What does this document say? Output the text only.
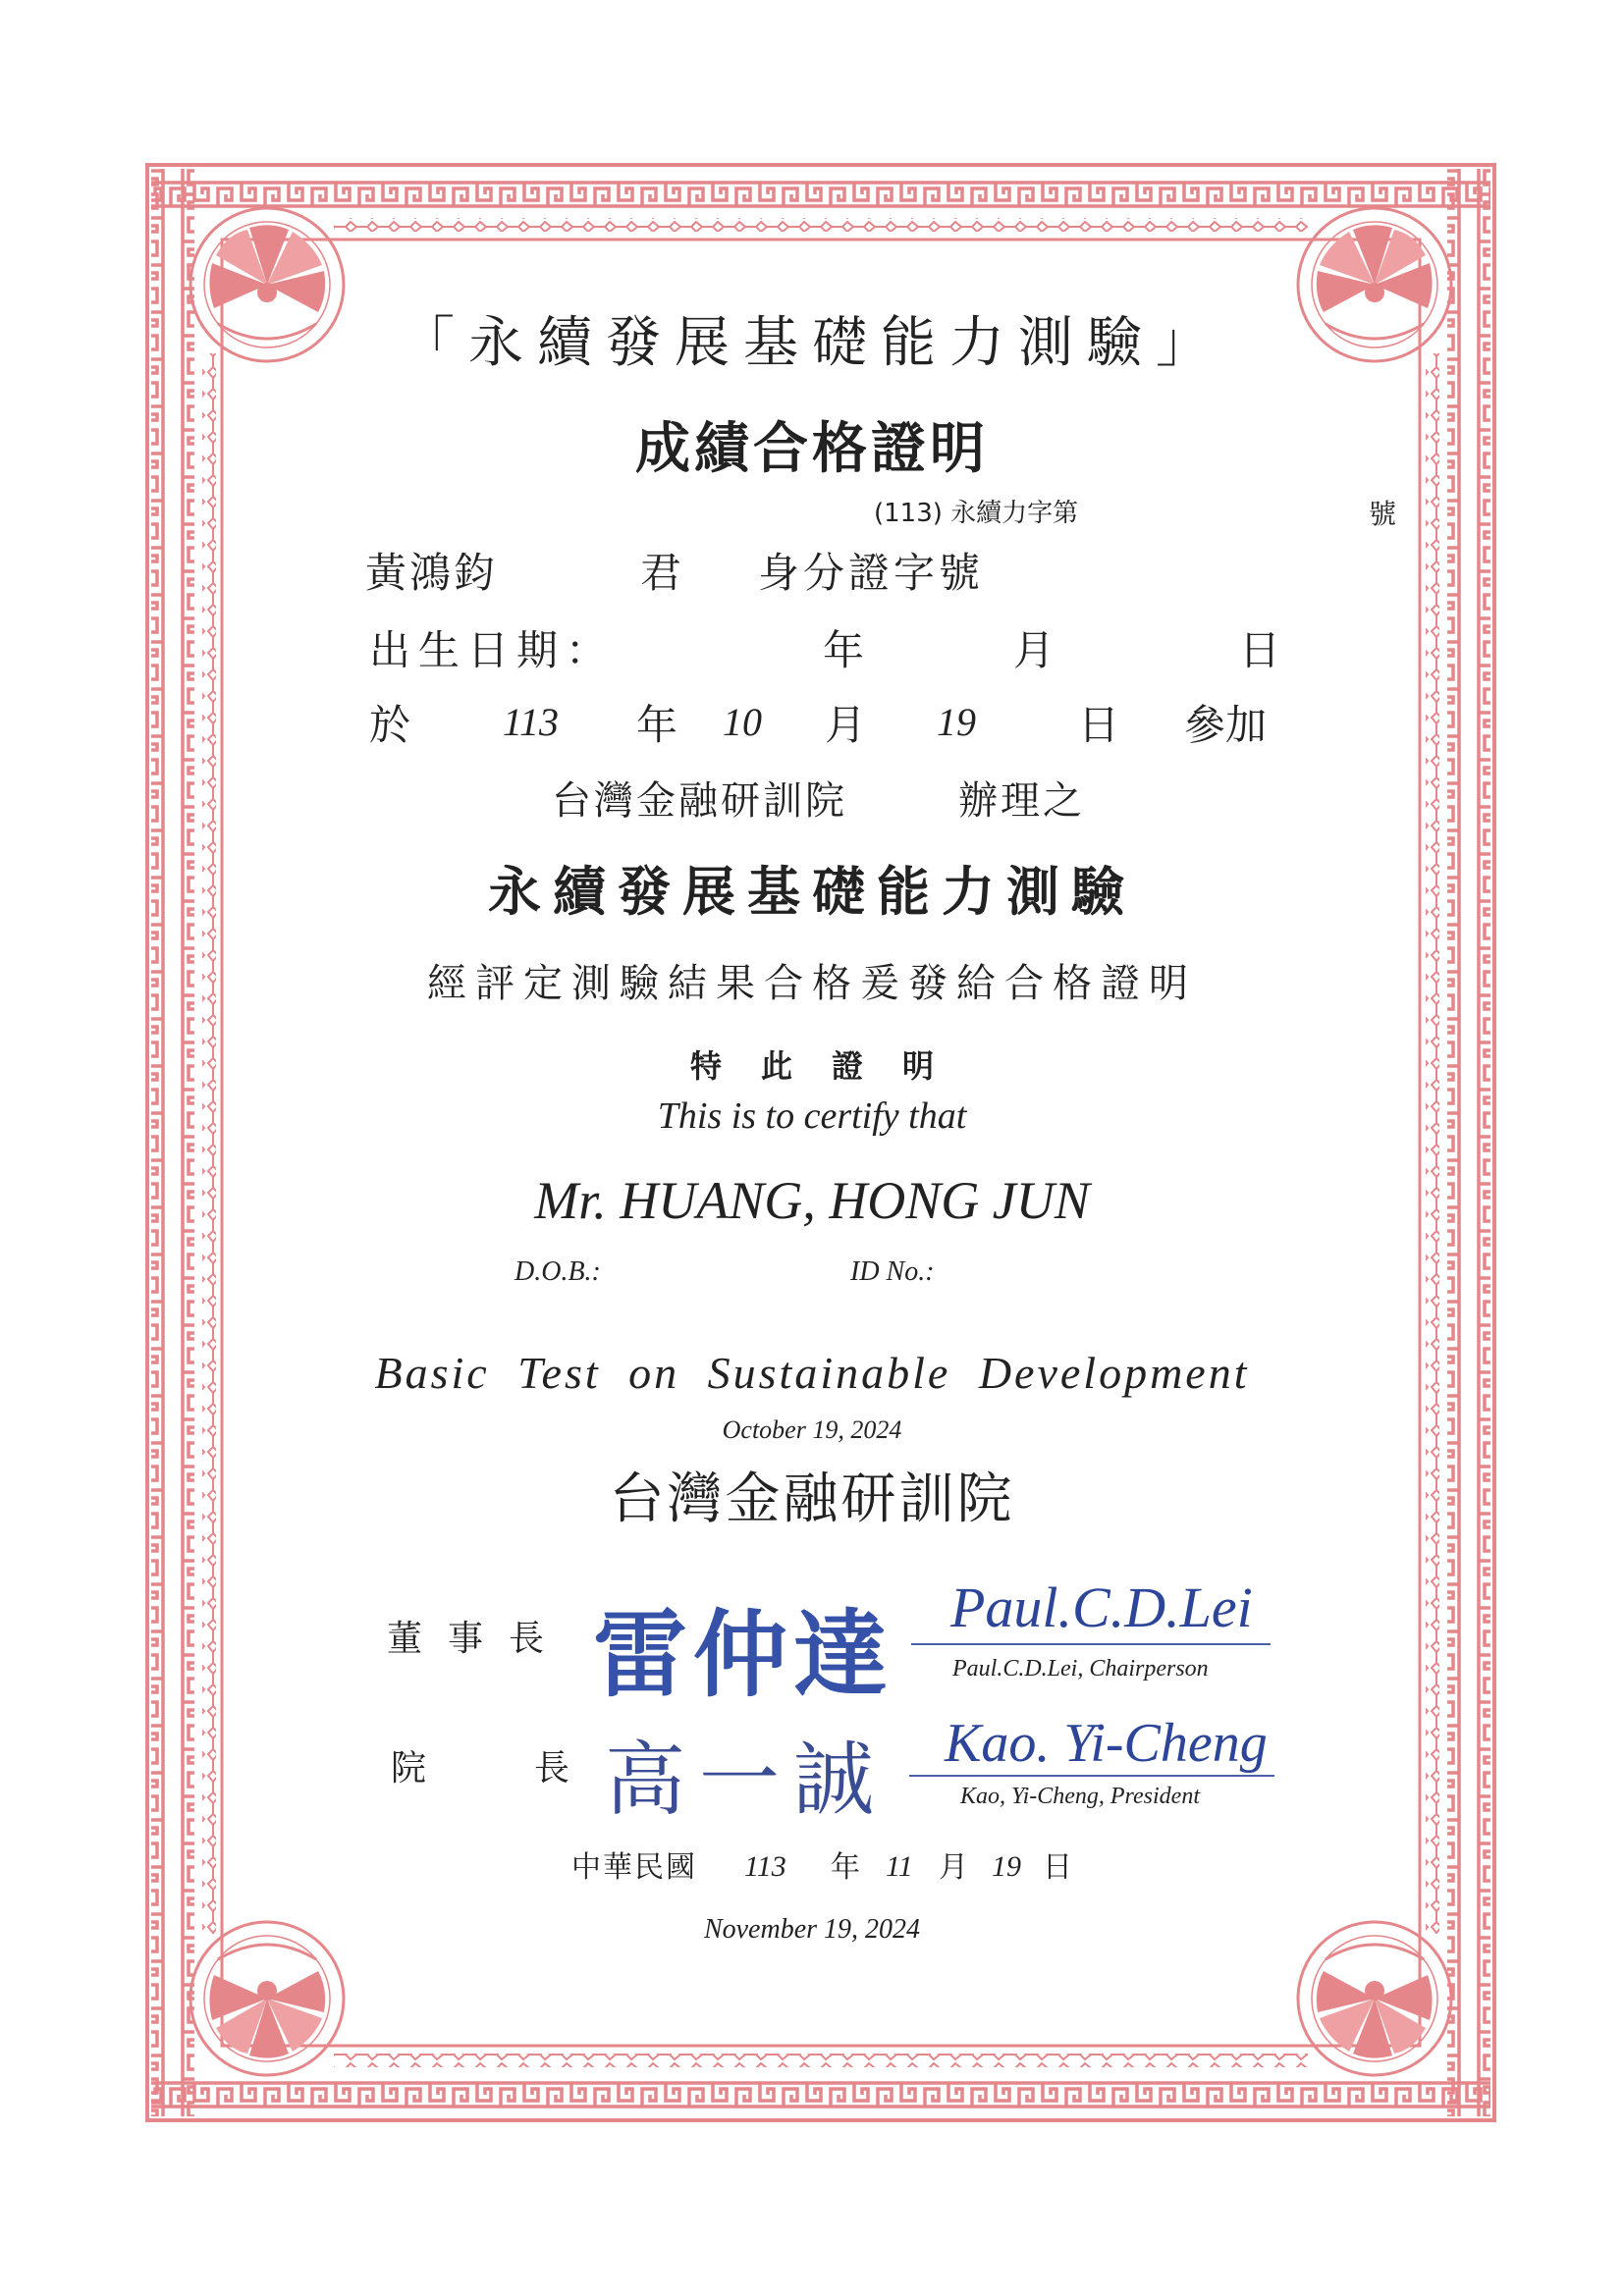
「永續發展基礎能力測驗」
成績合格證明
(113) 永續力字第	號
黃鴻鈞	君 身分證字號
出生日期：	年	月	日
於 113 年 10 月 19 日 參加
台灣金融研訓院	辦理之
永續發展基礎能力測驗
經評定測驗結果合格爰發給合格證明
特此證明
This is to certify that
Mr. HUANG, HONG JUN
D.O.B.:	ID No.:
Basic Test on Sustainable Development
October 19, 2024
台灣金融研訓院
董事長 雷仲達 Paul.C.D.Lei
Paul.C.D.Lei, Chairperson
院	長 高一誠 Kao. Yi-Cheng
Kao, Yi-Cheng, President
中華民國 113 年 11 月 19 日
November 19, 2024
